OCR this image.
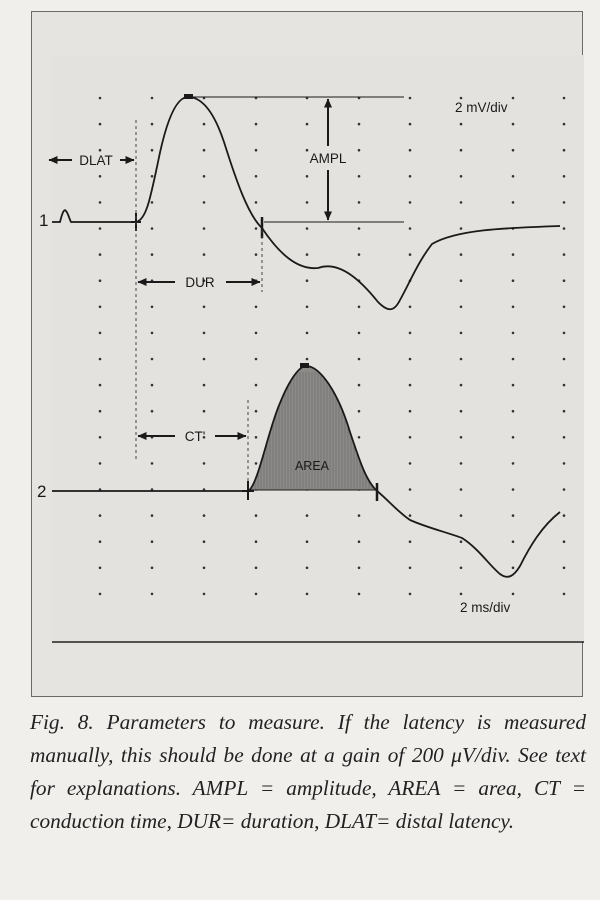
1
DLAT	AMPL
DUR
2 mV/div
2
CT'
AREA
2 ms/div

Fig. 8. Parameters to measure. If the latency is measured manually, this should be done at a gain of 200 μV/div. See text for explanations. AMPL = amplitude, AREA = area, CT = conduction time, DUR= duration, DLAT= distal latency.
